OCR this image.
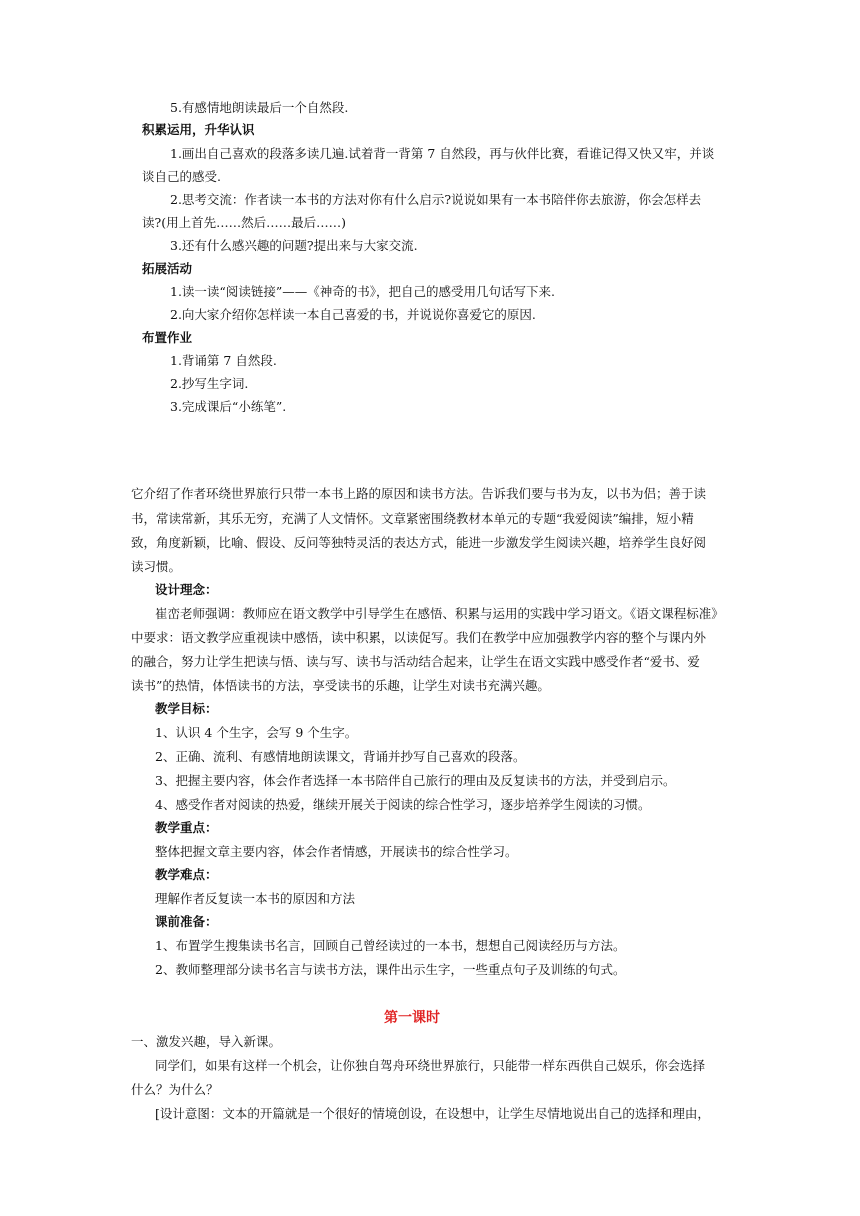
5.有感情地朗读最后一个自然段.

积累运用，升华认识

1.画出自己喜欢的段落多读几遍.试着背一背第 7 自然段，再与伙伴比赛，看谁记得又快又牢，并谈

谈自己的感受.

2.思考交流：作者读一本书的方法对你有什么启示?说说如果有一本书陪伴你去旅游，你会怎样去

读?(用上首先……然后……最后……)

3.还有什么感兴趣的问题?提出来与大家交流.

拓展活动

1.读一读“阅读链接”——《神奇的书》，把自己的感受用几句话写下来.

2.向大家介绍你怎样读一本自己喜爱的书，并说说你喜爱它的原因.

布置作业

1.背诵第 7 自然段.

2.抄写生字词.

3.完成课后“小练笔”.

它介绍了作者环绕世界旅行只带一本书上路的原因和读书方法。告诉我们要与书为友，以书为侣；善于读

书，常读常新，其乐无穷，充满了人文情怀。文章紧密围绕教材本单元的专题“我爱阅读”编排，短小精

致，角度新颖，比喻、假设、反问等独特灵活的表达方式，能进一步激发学生阅读兴趣，培养学生良好阅

读习惯。

设计理念：

崔峦老师强调：教师应在语文教学中引导学生在感悟、积累与运用的实践中学习语文。《语文课程标准》

中要求：语文教学应重视读中感悟，读中积累，以读促写。我们在教学中应加强教学内容的整个与课内外

的融合，努力让学生把读与悟、读与写、读书与活动结合起来，让学生在语文实践中感受作者“爱书、爱

读书”的热情，体悟读书的方法，享受读书的乐趣，让学生对读书充满兴趣。

教学目标：

1、认识 4 个生字，会写 9 个生字。

2、正确、流利、有感情地朗读课文，背诵并抄写自己喜欢的段落。

3、把握主要内容，体会作者选择一本书陪伴自己旅行的理由及反复读书的方法，并受到启示。

4、感受作者对阅读的热爱，继续开展关于阅读的综合性学习，逐步培养学生阅读的习惯。

教学重点：

整体把握文章主要内容，体会作者情感，开展读书的综合性学习。

教学难点：

理解作者反复读一本书的原因和方法

课前准备：

1、布置学生搜集读书名言，回顾自己曾经读过的一本书，想想自己阅读经历与方法。

2、教师整理部分读书名言与读书方法，课件出示生字，一些重点句子及训练的句式。

第一课时

一、激发兴趣，导入新课。

同学们，如果有这样一个机会，让你独自驾舟环绕世界旅行，只能带一样东西供自己娱乐，你会选择

什么？为什么？

[设计意图：文本的开篇就是一个很好的情境创设，在设想中，让学生尽情地说出自己的选择和理由，
